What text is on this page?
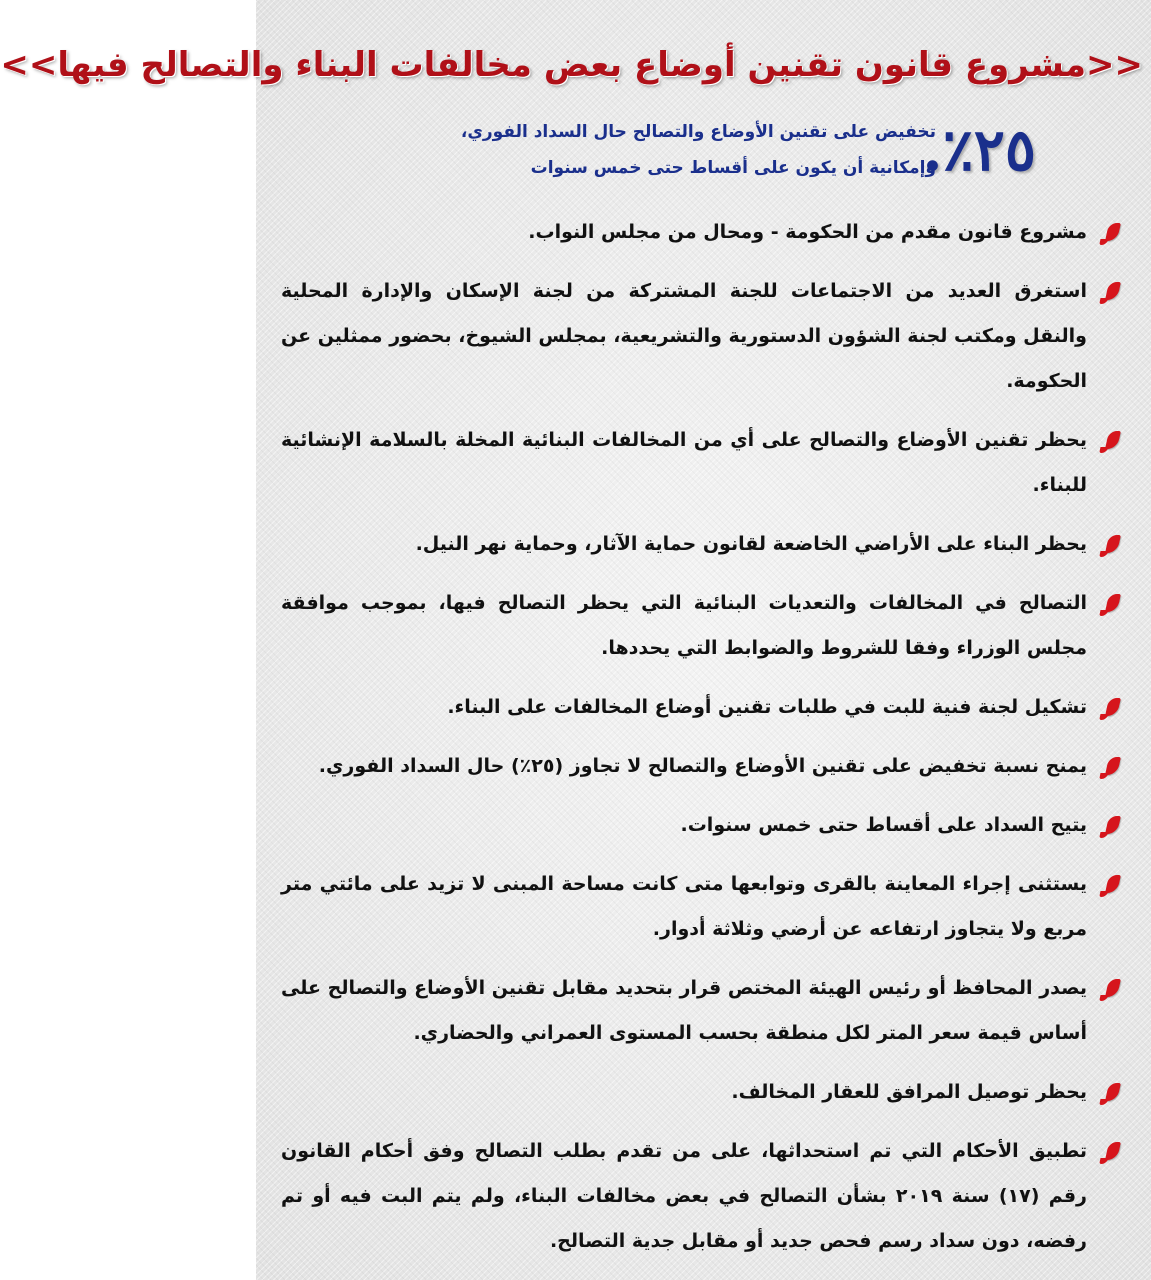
<<مشروع قانون تقنين أوضاع بعض مخالفات البناء والتصالح فيها>>
٢٥٪.
تخفيض على تقنين الأوضاع والتصالح حال السداد الفوري،
وإمكانية أن يكون على أقساط حتى خمس سنوات
مشروع قانون مقدم من الحكومة - ومحال من مجلس النواب.
استغرق العديد من الاجتماعات للجنة المشتركة من لجنة الإسكان والإدارة المحلية والنقل ومكتب لجنة الشؤون الدستورية والتشريعية، بمجلس الشيوخ، بحضور ممثلين عن الحكومة.
يحظر تقنين الأوضاع والتصالح على أي من المخالفات البنائية المخلة بالسلامة الإنشائية للبناء.
يحظر البناء على الأراضي الخاضعة لقانون حماية الآثار، وحماية نهر النيل.
التصالح في المخالفات والتعديات البنائية التي يحظر التصالح فيها، بموجب موافقة مجلس الوزراء وفقا للشروط والضوابط التي يحددها.
تشكيل لجنة فنية للبت في طلبات تقنين أوضاع المخالفات على البناء.
يمنح نسبة تخفيض على تقنين الأوضاع والتصالح لا تجاوز (٢٥٪) حال السداد الفوري.
يتيح السداد على أقساط حتى خمس سنوات.
يستثنى إجراء المعاينة بالقرى وتوابعها متى كانت مساحة المبنى لا تزيد على مائتي متر مربع ولا يتجاوز ارتفاعه عن أرضي وثلاثة أدوار.
يصدر المحافظ أو رئيس الهيئة المختص قرار بتحديد مقابل تقنين الأوضاع والتصالح على أساس قيمة سعر المتر لكل منطقة بحسب المستوى العمراني والحضاري.
يحظر توصيل المرافق للعقار المخالف.
تطبيق الأحكام التي تم استحداثها، على من تقدم بطلب التصالح وفق أحكام القانون رقم (١٧) سنة ٢٠١٩ بشأن التصالح في بعض مخالفات البناء، ولم يتم البت فيه أو تم رفضه، دون سداد رسم فحص جديد أو مقابل جدية التصالح.
